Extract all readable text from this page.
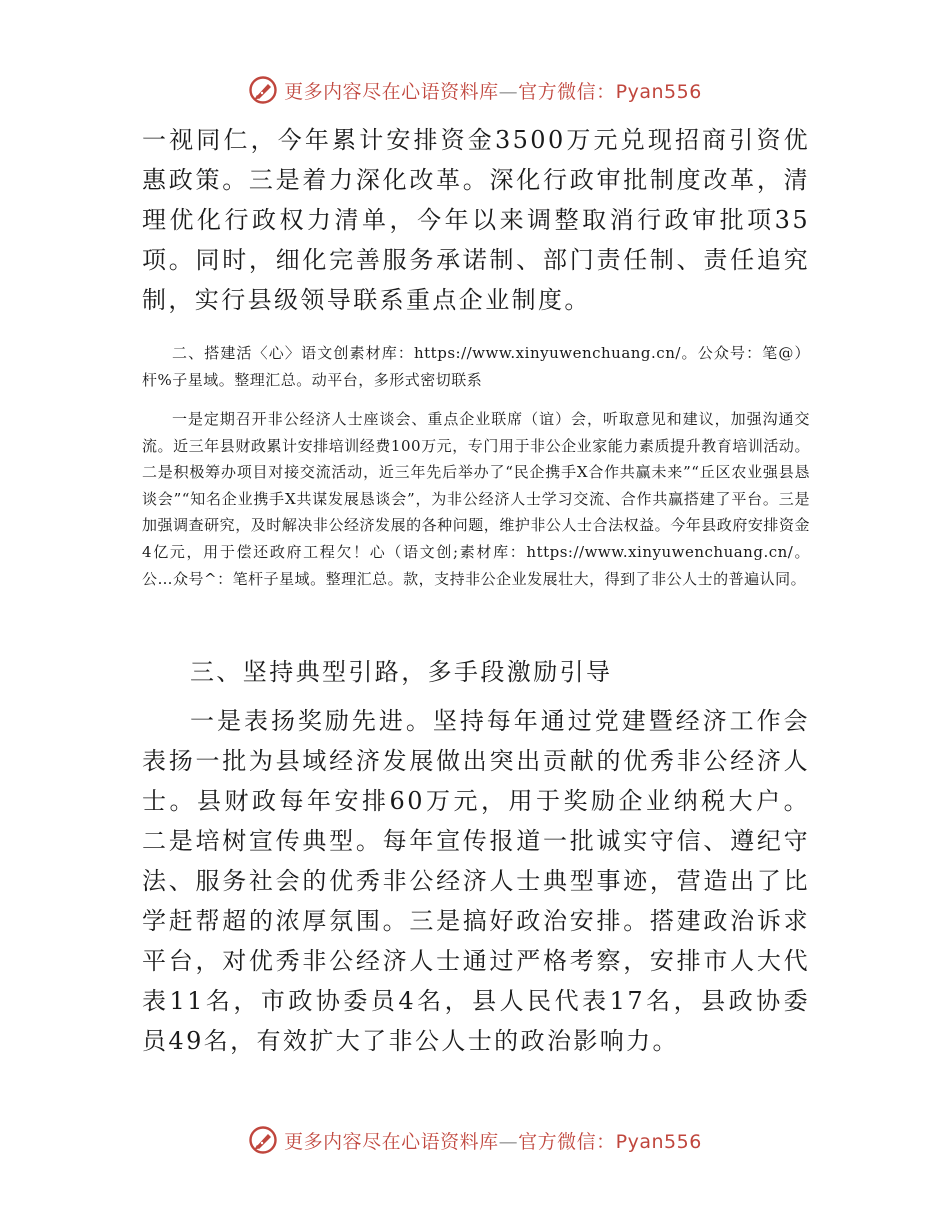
更多内容尽在心语资料库—官方微信：Pyan556

一视同仁，今年累计安排资金3500万元兑现招商引资优惠政策。三是着力深化改革。深化行政审批制度改革，清理优化行政权力清单，今年以来调整取消行政审批项35项。同时，细化完善服务承诺制、部门责任制、责任追究制，实行县级领导联系重点企业制度。

二、搭建活〈心〉语文创素材库：https://www.xinyuwenchuang.cn/。公众号：笔@）杆%子星域。整理汇总。动平台，多形式密切联系

一是定期召开非公经济人士座谈会、重点企业联席（谊）会，听取意见和建议，加强沟通交流。近三年县财政累计安排培训经费100万元，专门用于非公企业家能力素质提升教育培训活动。二是积极筹办项目对接交流活动，近三年先后举办了“民企携手X合作共赢未来”“丘区农业强县恳谈会”“知名企业携手X共谋发展恳谈会”，为非公经济人士学习交流、合作共赢搭建了平台。三是加强调查研究，及时解决非公经济发展的各种问题，维护非公人士合法权益。今年县政府安排资金4亿元，用于偿还政府工程欠！心（语文创;素材库：https://www.xinyuwenchuang.cn/。公…众号^：笔杆子星域。整理汇总。款，支持非公企业发展壮大，得到了非公人士的普遍认同。

三、坚持典型引路，多手段激励引导

一是表扬奖励先进。坚持每年通过党建暨经济工作会表扬一批为县域经济发展做出突出贡献的优秀非公经济人士。县财政每年安排60万元，用于奖励企业纳税大户。二是培树宣传典型。每年宣传报道一批诚实守信、遵纪守法、服务社会的优秀非公经济人士典型事迹，营造出了比学赶帮超的浓厚氛围。三是搞好政治安排。搭建政治诉求平台，对优秀非公经济人士通过严格考察，安排市人大代表11名，市政协委员4名，县人民代表17名，县政协委员49名，有效扩大了非公人士的政治影响力。

更多内容尽在心语资料库—官方微信：Pyan556
